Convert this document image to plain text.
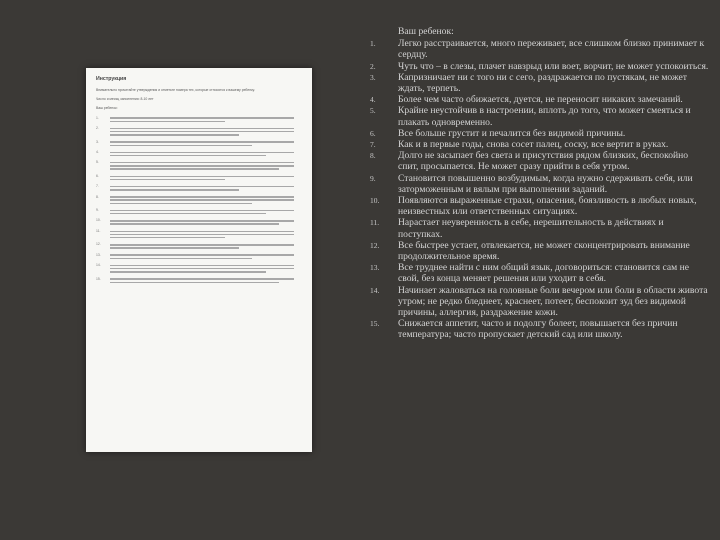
Инструкция
Внимательно прочитайте утверждения и отметьте номера тех, которые относятся к вашему ребенку.
Число и месяц заполнения: 8-10 лет
Ваш ребенок:
1.
2.
3.
4.
5.
6.
7.
8.
9.
10.
11.
12.
13.
14.
15.
Ваш ребенок:
1. Легко расстраивается, много переживает, все слишком близко принимает к сердцу.
2. Чуть что – в слезы, плачет навзрыд или воет, ворчит, не может успокоиться.
3. Капризничает ни с того ни с сего, раздражается по пустякам, не может ждать, терпеть.
4. Более чем часто обижается, дуется, не переносит никаких замечаний.
5. Крайне неустойчив в настроении, вплоть до того, что может смеяться и плакать одновременно.
6. Все больше грустит и печалится без видимой причины.
7. Как и в первые годы, снова сосет палец, соску, все вертит в руках.
8. Долго не засыпает без света и присутствия рядом близких, беспокойно спит, просыпается. Не может сразу прийти в себя утром.
9. Становится повышенно возбудимым, когда нужно сдерживать себя, или заторможенным и вялым при выполнении заданий.
10. Появляются выраженные страхи, опасения, боязливость в любых новых, неизвестных или ответственных ситуациях.
11. Нарастает неуверенность в себе, нерешительность в действиях и поступках.
12. Все быстрее устает, отвлекается, не может сконцентрировать внимание продолжительное время.
13. Все труднее найти с ним общий язык, договориться: становится сам не свой, без конца меняет решения или уходит в себя.
14. Начинает жаловаться на головные боли вечером или боли в области живота утром; не редко бледнеет, краснеет, потеет, беспокоит зуд без видимой причины, аллергия, раздражение кожи.
15. Снижается аппетит, часто и подолгу болеет, повышается без причин температура; часто пропускает детский сад или школу.
